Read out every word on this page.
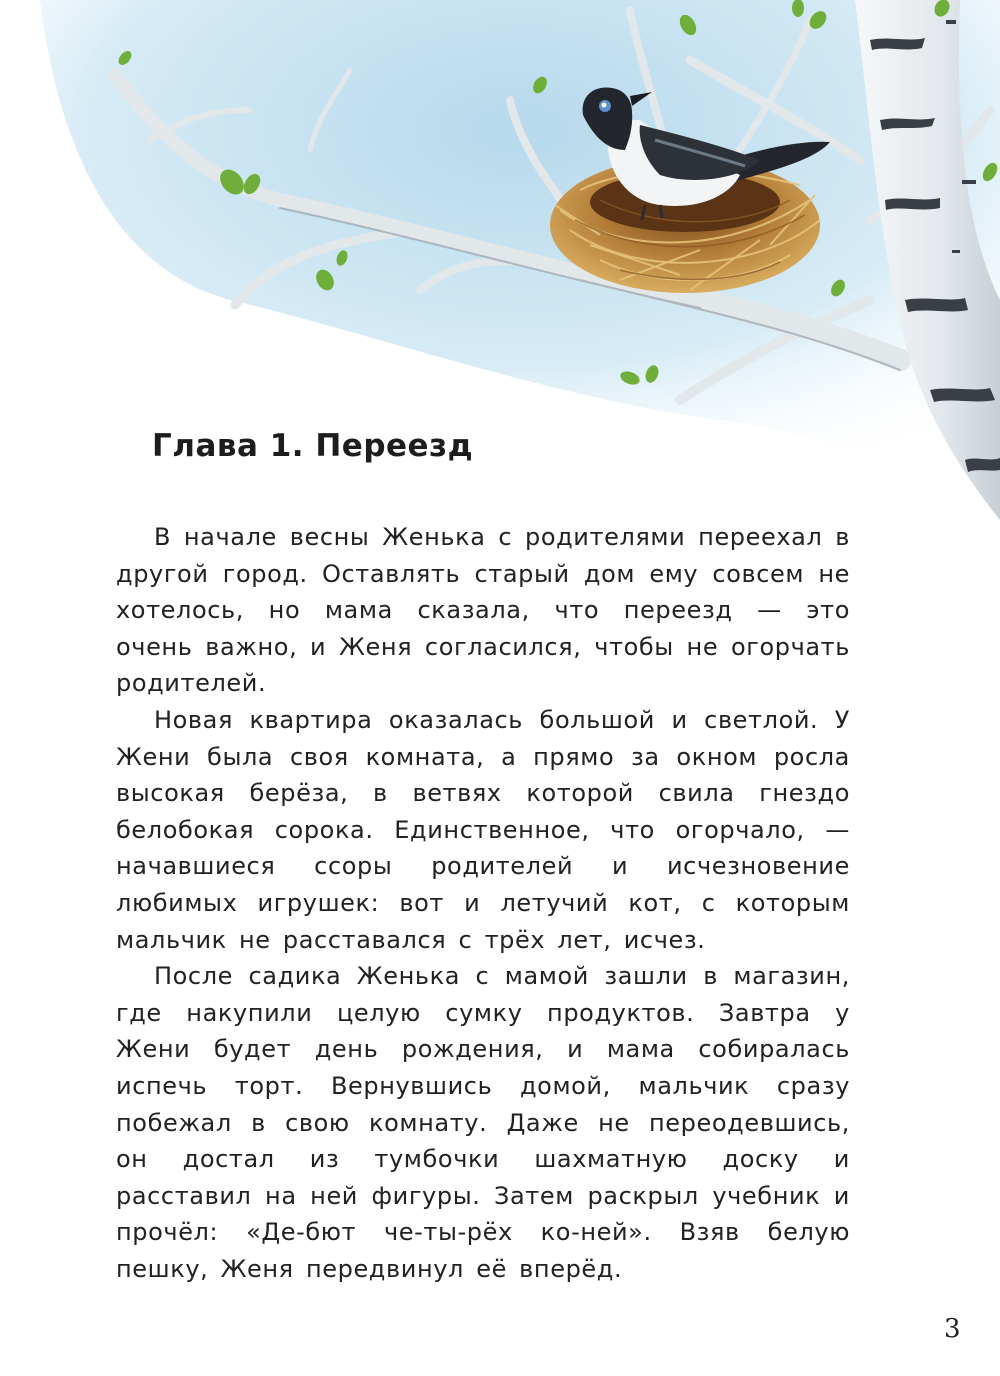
Глава 1. Переезд

В начале весны Женька с родителями переехал в другой город. Оставлять старый дом ему совсем не хотелось, но мама сказала, что переезд — это очень важно, и Женя согласился, чтобы не огорчать родителей.

Новая квартира оказалась большой и светлой. У Жени была своя комната, а прямо за окном росла высокая берёза, в ветвях которой свила гнездо белобокая сорока. Единственное, что огорчало, — начавшиеся ссоры родителей и исчезновение любимых игрушек: вот и летучий кот, с которым мальчик не расставался с трёх лет, исчез.

После садика Женька с мамой зашли в магазин, где накупили целую сумку продуктов. Завтра у Жени будет день рождения, и мама собиралась испечь торт. Вернувшись домой, мальчик сразу побежал в свою комнату. Даже не переодевшись, он достал из тумбочки шахматную доску и расставил на ней фигуры. Затем раскрыл учебник и прочёл: «Де-бют че-ты-рёх ко-ней». Взяв белую пешку, Женя передвинул её вперёд.

3
